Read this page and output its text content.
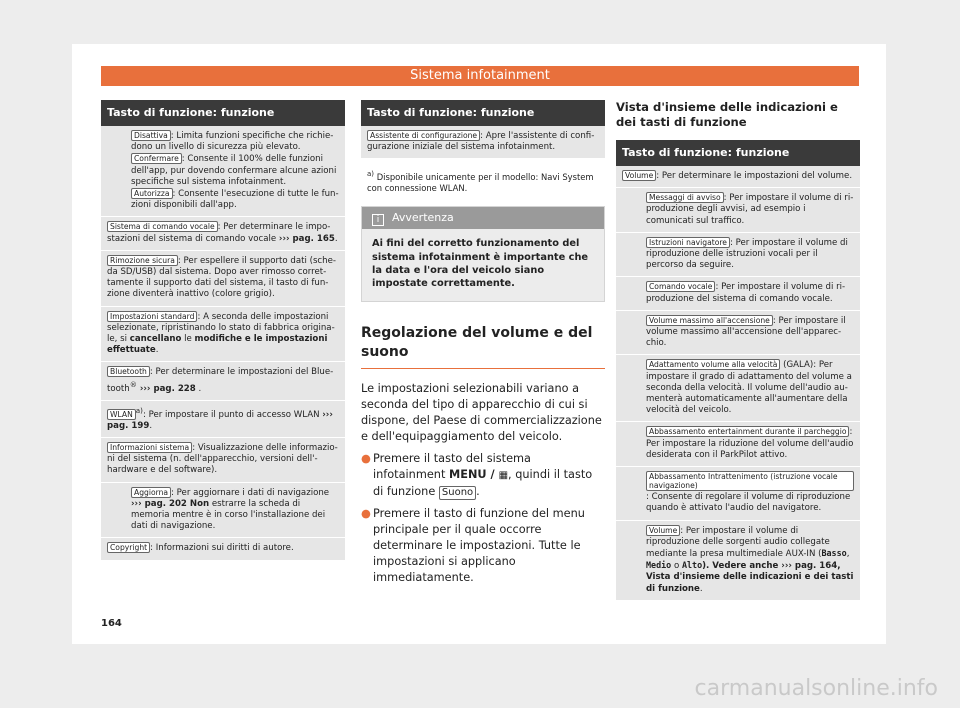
Sistema infotainment
Tasto di funzione: funzione
Disattiva : Limita funzioni specifiche che richiedono un livello di sicurezza più elevato.
Confermare : Consente il 100% delle funzioni dell'app, pur dovendo confermare alcune azioni specifiche sul sistema infotainment.
Autorizza : Consente l'esecuzione di tutte le funzioni disponibili dall'app.
Sistema di comando vocale : Per determinare le impostazioni del sistema di comando vocale ››› pag. 165.
Rimozione sicura : Per espellere il supporto dati (scheda SD/USB) dal sistema. Dopo aver rimosso correttamente il supporto dati del sistema, il tasto di funzione diventerà inattivo (colore grigio).
Impostazioni standard : A seconda delle impostazioni selezionate, ripristinando lo stato di fabbrica originale, si cancellano le modifiche e le impostazioni effettuate.
Bluetooth : Per determinare le impostazioni del Bluetooth® ››› pag. 228 .
WLAN $^{a)}$: Per impostare il punto di accesso WLAN ››› pag. 199.
Informazioni sistema : Visualizzazione delle informazioni del sistema (n. dell'apparecchio, versioni dell'hardware e del software).
Aggiorna : Per aggiornare i dati di navigazione ››› pag. 202 Non estrarre la scheda di memoria mentre è in corso l'installazione dei dati di navigazione.
Copyright : Informazioni sui diritti di autore.
Tasto di funzione: funzione
Assistente di configurazione : Apre l'assistente di configurazione iniziale del sistema infotainment.
$^{a)}$ Disponibile unicamente per il modello: Navi System con connessione WLAN.
i Avvertenza
Ai fini del corretto funzionamento del sistema infotainment è importante che la data e l'ora del veicolo siano impostate correttamente.
Regolazione del volume e del suono
Le impostazioni selezionabili variano a seconda del tipo di apparecchio di cui si dispone, del Paese di commercializzazione e dell'equipaggiamento del veicolo.
● Premere il tasto del sistema infotainment MENU / ▦, quindi il tasto di funzione Suono .
● Premere il tasto di funzione del menu principale per il quale occorre determinare le impostazioni. Tutte le impostazioni si applicano immediatamente.
Vista d'insieme delle indicazioni e dei tasti di funzione
Tasto di funzione: funzione
Volume : Per determinare le impostazioni del volume.
Messaggi di avviso : Per impostare il volume di riproduzione degli avvisi, ad esempio i comunicati sul traffico.
Istruzioni navigatore : Per impostare il volume di riproduzione delle istruzioni vocali per il percorso da seguire.
Comando vocale : Per impostare il volume di riproduzione del sistema di comando vocale.
Volume massimo all'accensione : Per impostare il volume massimo all'accensione dell'apparecchio.
Adattamento volume alla velocità (GALA): Per impostare il grado di adattamento del volume a seconda della velocità. Il volume dell'audio aumenterà automaticamente all'aumentare della velocità del veicolo.
Abbassamento entertainment durante il parcheggio : Per impostare la riduzione del volume dell'audio desiderata con il ParkPilot attivo.
Abbassamento Intrattenimento (istruzione vocale navigazione): Consente di regolare il volume di riproduzione quando è attivato l'audio del navigatore.
Volume : Per impostare il volume di riproduzione delle sorgenti audio collegate mediante la presa multimediale AUX-IN (Basso, Medio o Alto). Vedere anche ››› pag. 164, Vista d'insieme delle indicazioni e dei tasti di funzione.
164
carmanualsonline.info
